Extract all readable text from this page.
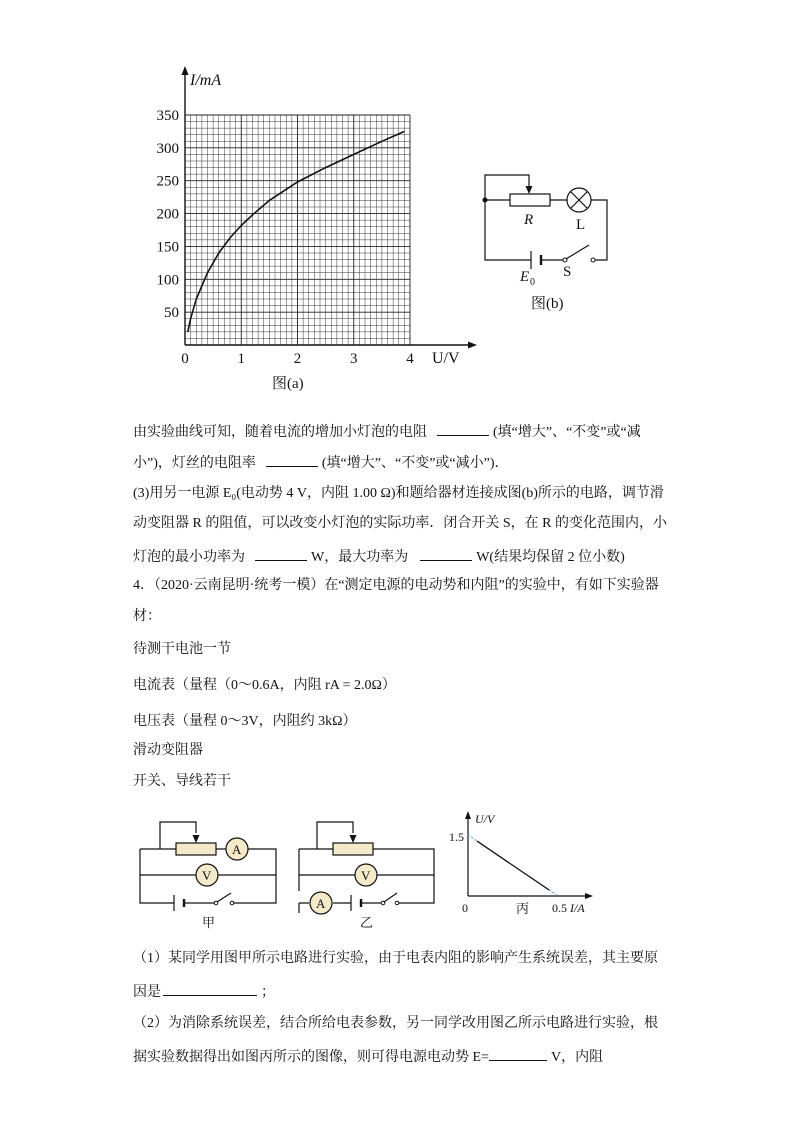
I/mA
U/V
350
300
250
200
150
100
50
0	1	2	3	4
图(a)
R	L
E 0
S
图(b)
由实验曲线可知，随着电流的增加小灯泡的电阻	(填“增大”、“不变”或“减
小”)，灯丝的电阻率	(填“增大”、“不变”或“减小”)．
(3)用另一电源 E₀(电动势 4 V，内阻 1.00 Ω)和题给器材连接成图(b)所示的电路，调节滑
动变阻器 R 的阻值，可以改变小灯泡的实际功率．闭合开关 S，在 R 的变化范围内，小
灯泡的最小功率为	W，最大功率为	W(结果均保留 2 位小数)
4．（2020·云南昆明·统考一模）在“测定电源的电动势和内阻”的实验中，有如下实验器
材：
待测干电池一节
电流表（量程（0～0.6A，内阻 rA = 2.0Ω）
电压表（量程 0～3V，内阻约 3kΩ）
滑动变阻器
开关、导线若干
A
V
甲
V
A
乙
U/V
1.5
0	0.5 I/A
丙
（1）某同学用图甲所示电路进行实验，由于电表内阻的影响产生系统误差，其主要原
因是	；
（2）为消除系统误差，结合所给电表参数，另一同学改用图乙所示电路进行实验，根
据实验数据得出如图丙所示的图像，则可得电源电动势 E=	V，内阻
